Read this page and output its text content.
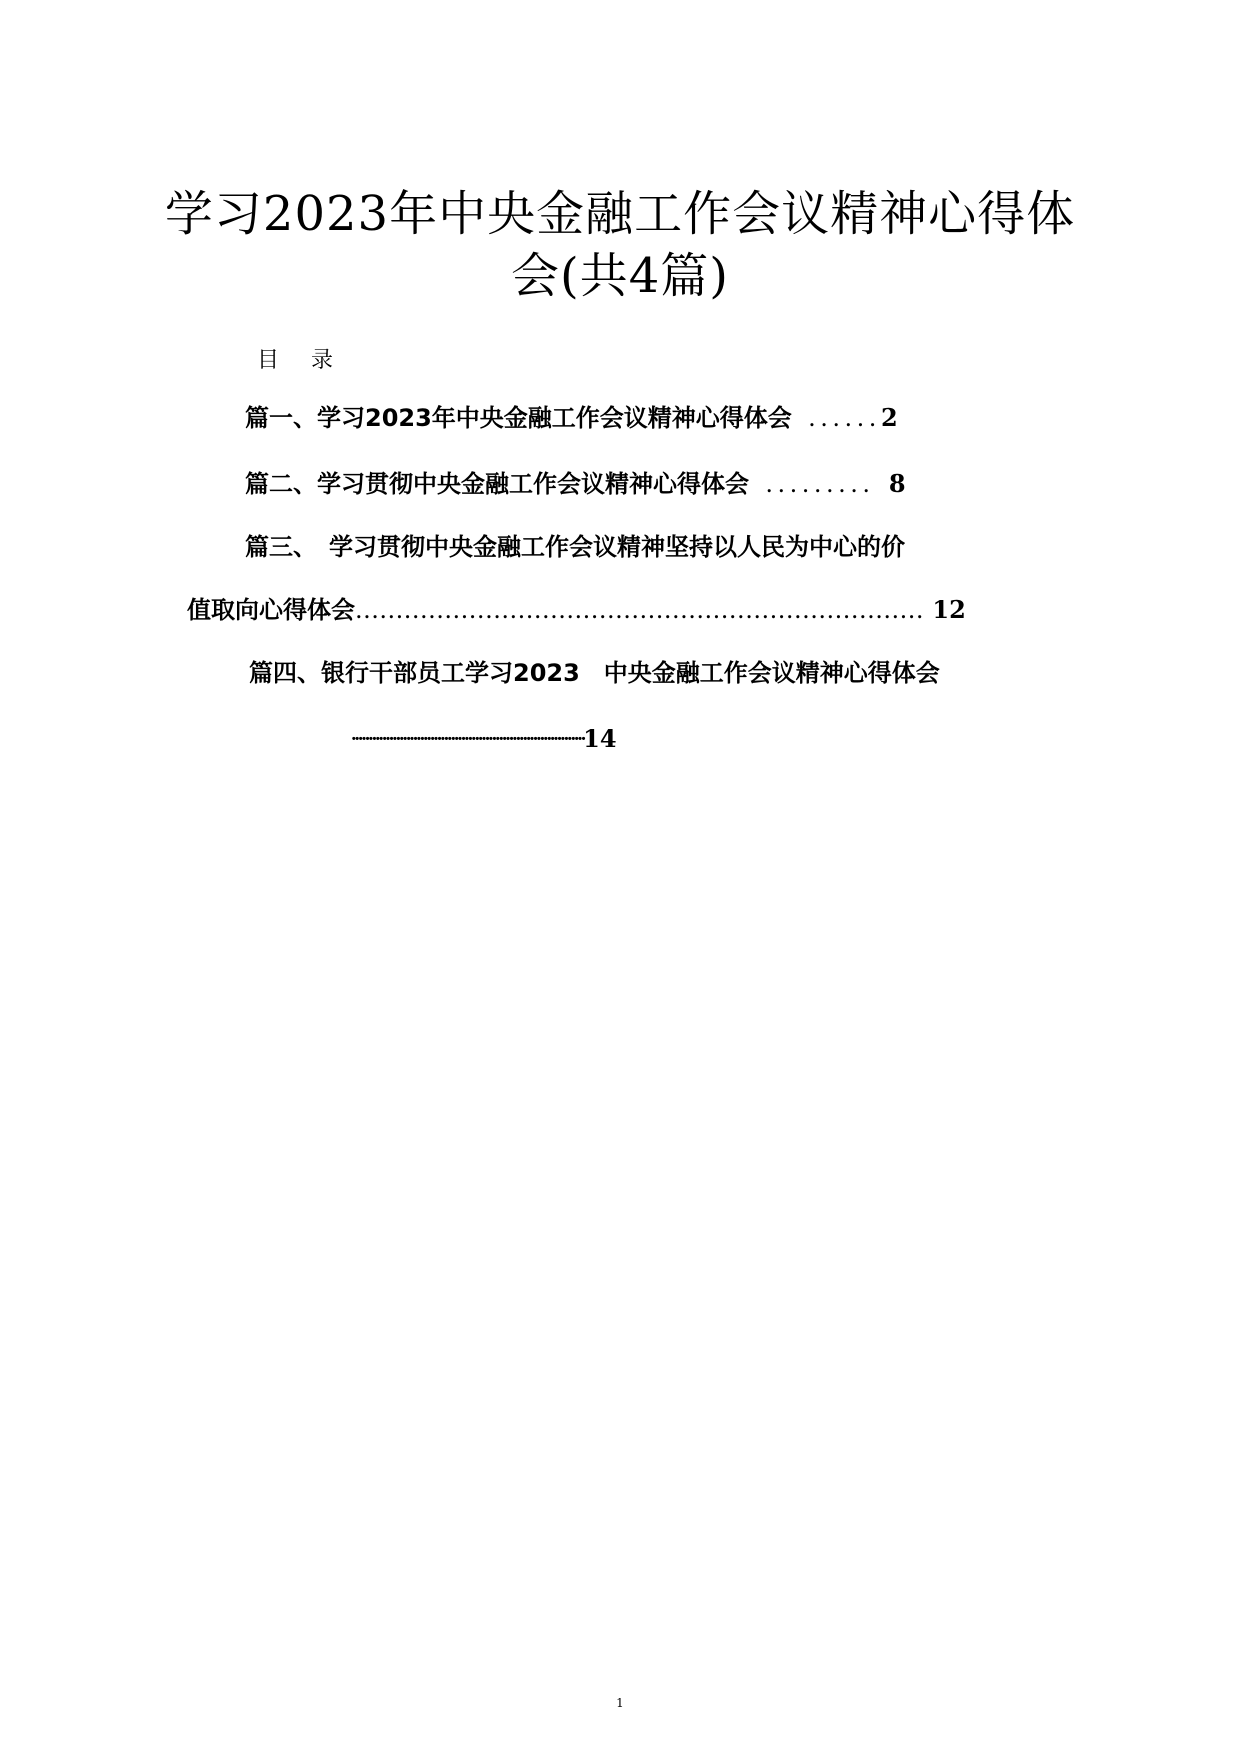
学习2023年中央金融工作会议精神心得体
会(共4篇)
目 录
篇一、学习2023年中央金融工作会议精神心得体会 ......2
篇二、学习贯彻中央金融工作会议精神心得体会 ......... 8
篇三、　学习贯彻中央金融工作会议精神坚持以人民为中心的价
值取向心得体会...................................................................... 12
篇四、银行干部员工学习2023　中央金融工作会议精神心得体会
····································································14
1
